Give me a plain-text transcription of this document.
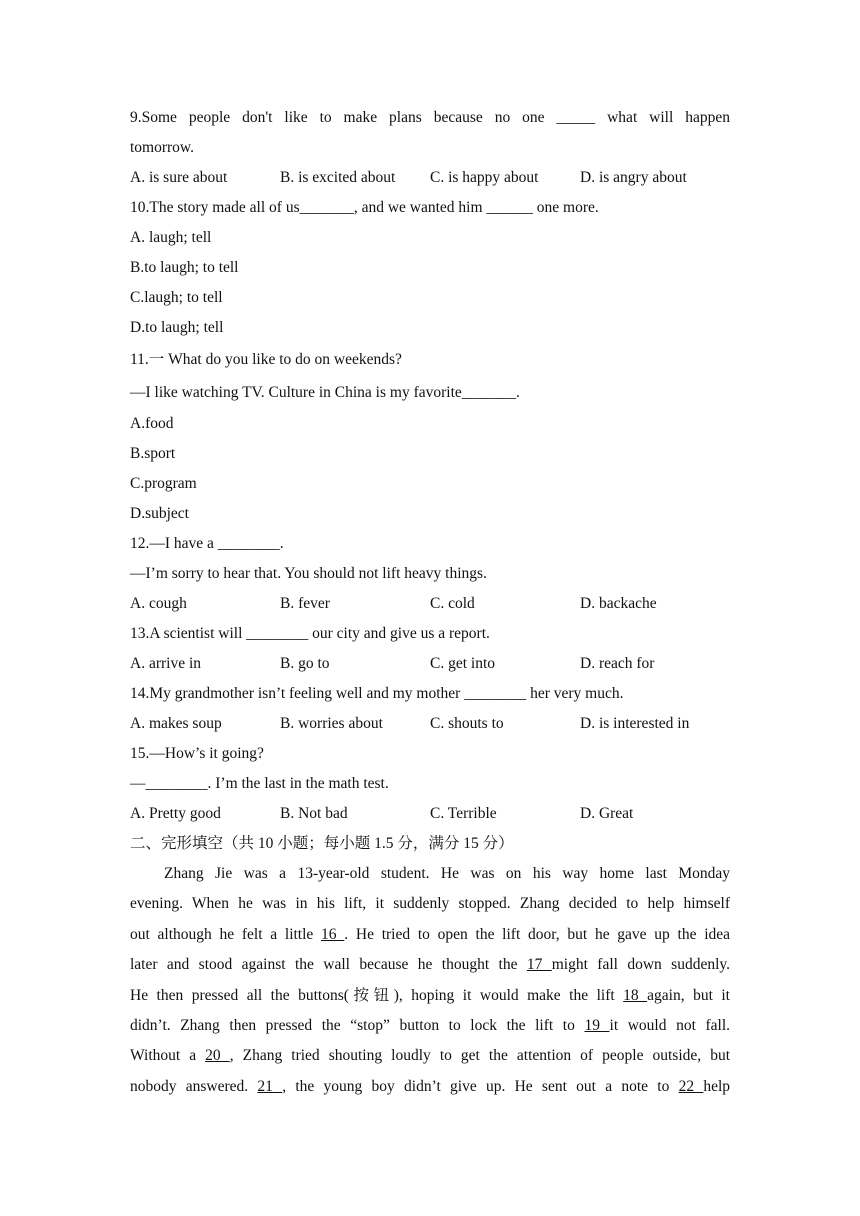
9.Some people don't like to make plans because no one _____ what will happen
tomorrow.
A. is sure about	B. is excited about	C. is happy about	D. is angry about
10.The story made all of us_______, and we wanted him ______ one more.
A. laugh; tell
B.to laugh; to tell
C.laugh; to tell
D.to laugh; tell
11.一 What do you like to do on weekends?
—I like watching TV. Culture in China is my favorite_______.
A.food
B.sport
C.program
D.subject
12.—I have a ________.
—I’m sorry to hear that. You should not lift heavy things.
A. cough	B. fever	C. cold	D. backache
13.A scientist will ________ our city and give us a report.
A. arrive in	B. go to	C. get into	D. reach for
14.My grandmother isn’t feeling well and my mother ________ her very much.
A. makes soup	B. worries about	C. shouts to	D. is interested in
15.—How’s it going?
—________. I’m the last in the math test.
A. Pretty good	B. Not bad	C. Terrible	D. Great
二、完形填空（共 10 小题；每小题 1.5 分，满分 15 分）
Zhang Jie was a 13-year-old student. He was on his way home last Monday
evening. When he was in his lift, it suddenly stopped. Zhang decided to help himself
out although he felt a little 16 . He tried to open the lift door, but he gave up the idea
later and stood against the wall because he thought the 17 might fall down suddenly.
He then pressed all the buttons(按钮), hoping it would make the lift 18 again, but it
didn’t. Zhang then pressed the “stop” button to lock the lift to 19 it would not fall.
Without a 20 , Zhang tried shouting loudly to get the attention of people outside, but
nobody answered. 21 , the young boy didn’t give up. He sent out a note to 22 help
